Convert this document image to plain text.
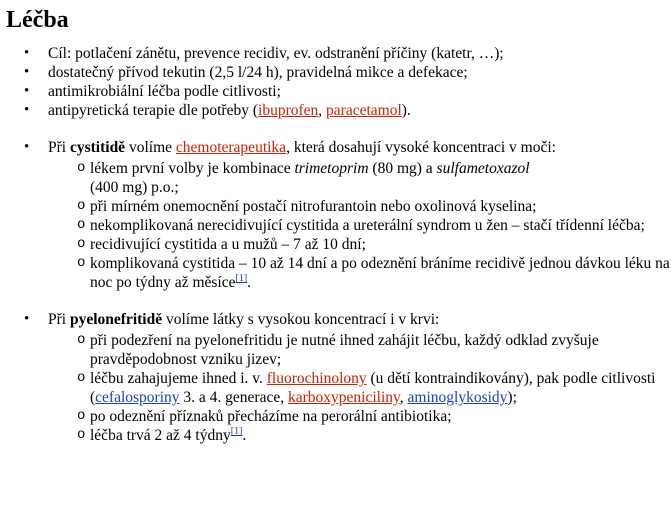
Léčba
• Cíl: potlačení zánětu, prevence recidiv, ev. odstranění příčiny (katetr, …);
• dostatečný přívod tekutin (2,5 l/24 h), pravidelná mikce a defekace;
• antimikrobiální léčba podle citlivosti;
• antipyretická terapie dle potřeby (ibuprofen, paracetamol).
• Při cystitidě volíme chemoterapeutika, která dosahují vysoké koncentraci v moči:
o lékem první volby je kombinace trimetoprim (80 mg) a sulfametoxazol
(400 mg) p.o.;
o při mírném onemocnění postačí nitrofurantoin nebo oxolinová kyselina;
o nekomplikovaná nerecidivující cystitida a ureterální syndrom u žen – stačí třídenní léčba;
o recidivující cystitida a u mužů – 7 až 10 dní;
o komplikovaná cystitida – 10 až 14 dní a po odeznění bráníme recidivě jednou dávkou léku na noc po týdny až měsíce[1].
• Při pyelonefritidě volíme látky s vysokou koncentrací i v krvi:
o při podezření na pyelonefritidu je nutné ihned zahájit léčbu, každý odklad zvyšuje pravděpodobnost vzniku jizev;
o léčbu zahajujeme ihned i. v. fluorochinolony (u dětí kontraindikovány), pak podle citlivosti (cefalosporiny 3. a 4. generace, karboxypeniciliny, aminoglykosidy);
o po odeznění příznaků přecházíme na perorální antibiotika;
o léčba trvá 2 až 4 týdny[1].
